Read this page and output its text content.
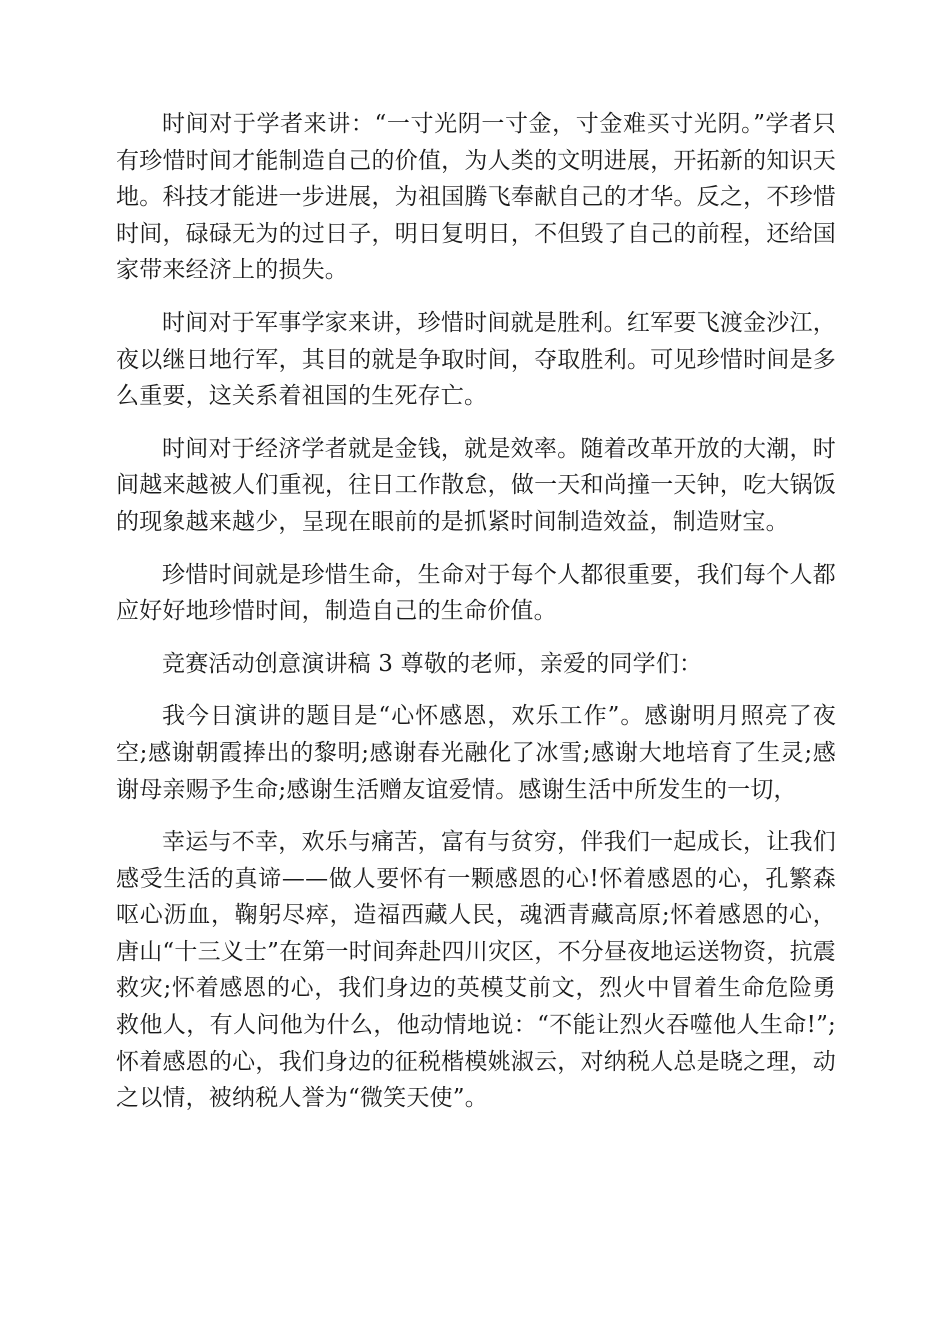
时间对于学者来讲：“一寸光阴一寸金，寸金难买寸光阴。”学者只有珍惜时间才能制造自己的价值，为人类的文明进展，开拓新的知识天地。科技才能进一步进展，为祖国腾飞奉献自己的才华。反之，不珍惜时间，碌碌无为的过日子，明日复明日，不但毁了自己的前程，还给国家带来经济上的损失。

时间对于军事学家来讲，珍惜时间就是胜利。红军要飞渡金沙江，夜以继日地行军，其目的就是争取时间，夺取胜利。可见珍惜时间是多么重要，这关系着祖国的生死存亡。

时间对于经济学者就是金钱，就是效率。随着改革开放的大潮，时间越来越被人们重视，往日工作散怠，做一天和尚撞一天钟，吃大锅饭的现象越来越少，呈现在眼前的是抓紧时间制造效益，制造财宝。

珍惜时间就是珍惜生命，生命对于每个人都很重要，我们每个人都应好好地珍惜时间，制造自己的生命价值。

竞赛活动创意演讲稿 3 尊敬的老师，亲爱的同学们：

我今日演讲的题目是“心怀感恩，欢乐工作”。感谢明月照亮了夜空;感谢朝霞捧出的黎明;感谢春光融化了冰雪;感谢大地培育了生灵;感谢母亲赐予生命;感谢生活赠友谊爱情。感谢生活中所发生的一切，

幸运与不幸，欢乐与痛苦，富有与贫穷，伴我们一起成长，让我们感受生活的真谛——做人要怀有一颗感恩的心!怀着感恩的心，孔繁森呕心沥血，鞠躬尽瘁，造福西藏人民，魂洒青藏高原;怀着感恩的心，唐山“十三义士”在第一时间奔赴四川灾区，不分昼夜地运送物资，抗震救灾;怀着感恩的心，我们身边的英模艾前文，烈火中冒着生命危险勇救他人，有人问他为什么，他动情地说：“不能让烈火吞噬他人生命!”;怀着感恩的心，我们身边的征税楷模姚淑云，对纳税人总是晓之理，动之以情，被纳税人誉为“微笑天使”。
